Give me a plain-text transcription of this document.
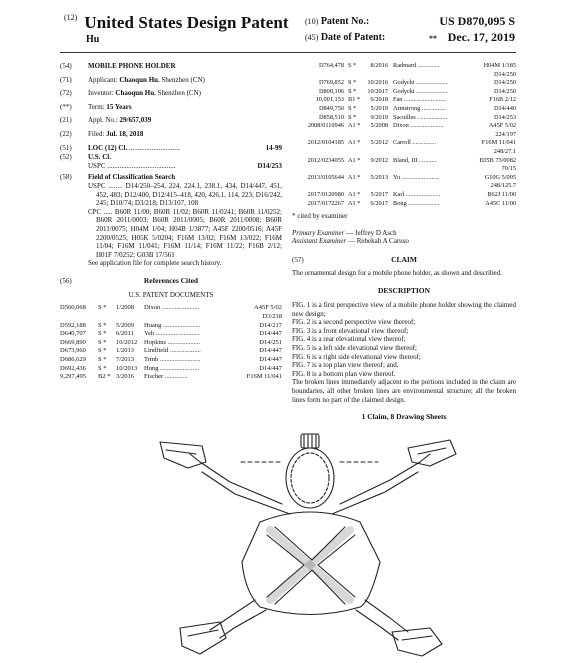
$^{(12)}$ United States Design Patent
Hu
(10) Patent No.:	US D870,095 S
(45) Date of Patent:	** Dec. 17, 2019
(54)	MOBILE PHONE HOLDER
(71)	Applicant: Chaoqun Hu, Shenzhen (CN)
(72)	Inventor: Chaoqun Hu, Shenzhen (CN)
(**)	Term: 15 Years
(21)	Appl. No.: 29/657,039
(22)	Filed: Jul. 18, 2018
(51)	LOC (12) Cl. .............................	14-99
(52)	U.S. Cl.
USPC .......................................	D14/253
(58)	Field of Classification Search
USPC ........ D14/250–254, 224, 224.1, 238.1, 434, D14/447, 451, 452, 483; D12/400, D12/415–418, 420, 426.1, 114, 223; D16/242, 245; D10/74; D3/218; D13/107, 108
CPC ..... B60R 11/00; B60R 11/02; B60R 11/0241; B60R 11/0252; B60R 2011/0003; B60R 2011/0005; B60R 2011/0008; B60R 2011/0075; H04M 1/04; H04B 1/3877; A45F 2200/0516; A45F 2200/0525; H05K 5/0204; F16M 13/02; F16M 13/022; F16M 11/04; F16M 11/041; F16M 11/14; F16M 11/22; F16B 2/12; H01F 7/0252; G03B 17/561
See application file for complete search history.
(56)	References Cited
U.S. PATENT DOCUMENTS
D560,068 S * 1/2008 Dixon .......................	A45F 5/02
D3/218
D592,188 S * 5/2009 Huang .......................	D14/217
D640,707 S * 6/2011 Yeh ...........................	D14/447
D669,890 S * 10/2012 Hopkins ....................	D14/251
D673,960 S * 1/2013 Lindfield ...................	D14/447
D686,629 S * 7/2013 Trinh .........................	D14/447
D692,436 S * 10/2013 Hung ........................	D14/447
9,297,495 B2 * 3/2016 Fischer ..............	F16M 11/041
D764,478 S *	8/2016 Radmard ..............	H04M 1/185
D14/250
D769,852 S *	10/2016 Godycki ....................	D14/250
D800,106 S *	10/2017 Godycki ....................	D14/250
10,001,153 B1 *	6/2018 Fan ...........................	F16B 2/12
D849,750 S *	5/2019 Armstrong ...............	D14/440
D858,510 S *	9/2019 Sacuilles ...................	D14/253
2008/0110946 A1 *	5/2008 Dixon .....................	A45F 5/02
224/197
2012/0104185 A1 *	5/2012 Carroll ...............	F16M 11/041
248/27.1
2012/0234055 A1 *	9/2012 Bland, III ...........	E05B 73/0082
70/15
2013/0105644 A1 *	5/2013 Yu ........................	G10G 5/005
248/125.7
2017/0120980 A1 *	5/2017 Karl ......................	B62J 11/00
2017/0172267 A1 *	6/2017 Bong ....................	A45C 11/00
* cited by examiner
Primary Examiner — Jeffrey D Asch
Assistant Examiner — Rebekah A Caruso
(57)	CLAIM

The ornamental design for a mobile phone holder, as shown and described.

DESCRIPTION

FIG. 1 is a first perspective view of a mobile phone holder showing the claimed new design;

FIG. 2 is a second perspective view thereof;

FIG. 3 is a front elevational view thereof;

FIG. 4 is a rear elevational view thereof;

FIG. 5 is a left side elevational view thereof;

FIG. 6 is a right side elevational view thereof;

FIG. 7 is a top plan view thereof; and,

FIG. 8 is a bottom plan view thereof.

The broken lines immediately adjacent to the portions included in the claim are boundaries, all other broken lines are environmental structure; all the broken lines form no part of the claimed design.

1 Claim, 8 Drawing Sheets
